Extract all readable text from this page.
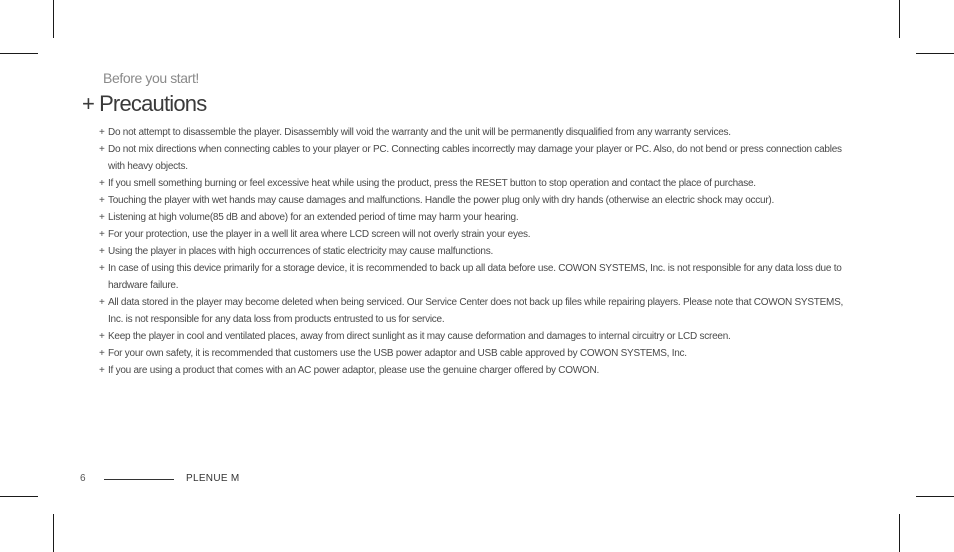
Before you start!
+ Precautions
+ Do not attempt to disassemble the player. Disassembly will void the warranty and the unit will be permanently disqualified from any warranty services.
+ Do not mix directions when connecting cables to your player or PC. Connecting cables incorrectly may damage your player or PC. Also, do not bend or press connection cables with heavy objects.
+ If you smell something burning or feel excessive heat while using the product, press the RESET button to stop operation and contact the place of purchase.
+ Touching the player with wet hands may cause damages and malfunctions. Handle the power plug only with dry hands (otherwise an electric shock may occur).
+ Listening at high volume(85 dB and above) for an extended period of time may harm your hearing.
+ For your protection, use the player in a well lit area where LCD screen will not overly strain your eyes.
+ Using the player in places with high occurrences of static electricity may cause malfunctions.
+ In case of using this device primarily for a storage device, it is recommended to back up all data before use. COWON SYSTEMS, Inc. is not responsible for any data loss due to hardware failure.
+ All data stored in the player may become deleted when being serviced. Our Service Center does not back up files while repairing players. Please note that COWON SYSTEMS, Inc. is not responsible for any data loss from products entrusted to us for service.
+ Keep the player in cool and ventilated places, away from direct sunlight as it may cause deformation and damages to internal circuitry or LCD screen.
+ For your own safety, it is recommended that customers use the USB power adaptor and USB cable approved by COWON SYSTEMS, Inc.
+ If you are using a product that comes with an AC power adaptor, please use the genuine charger offered by COWON.
6	PLENUE M
